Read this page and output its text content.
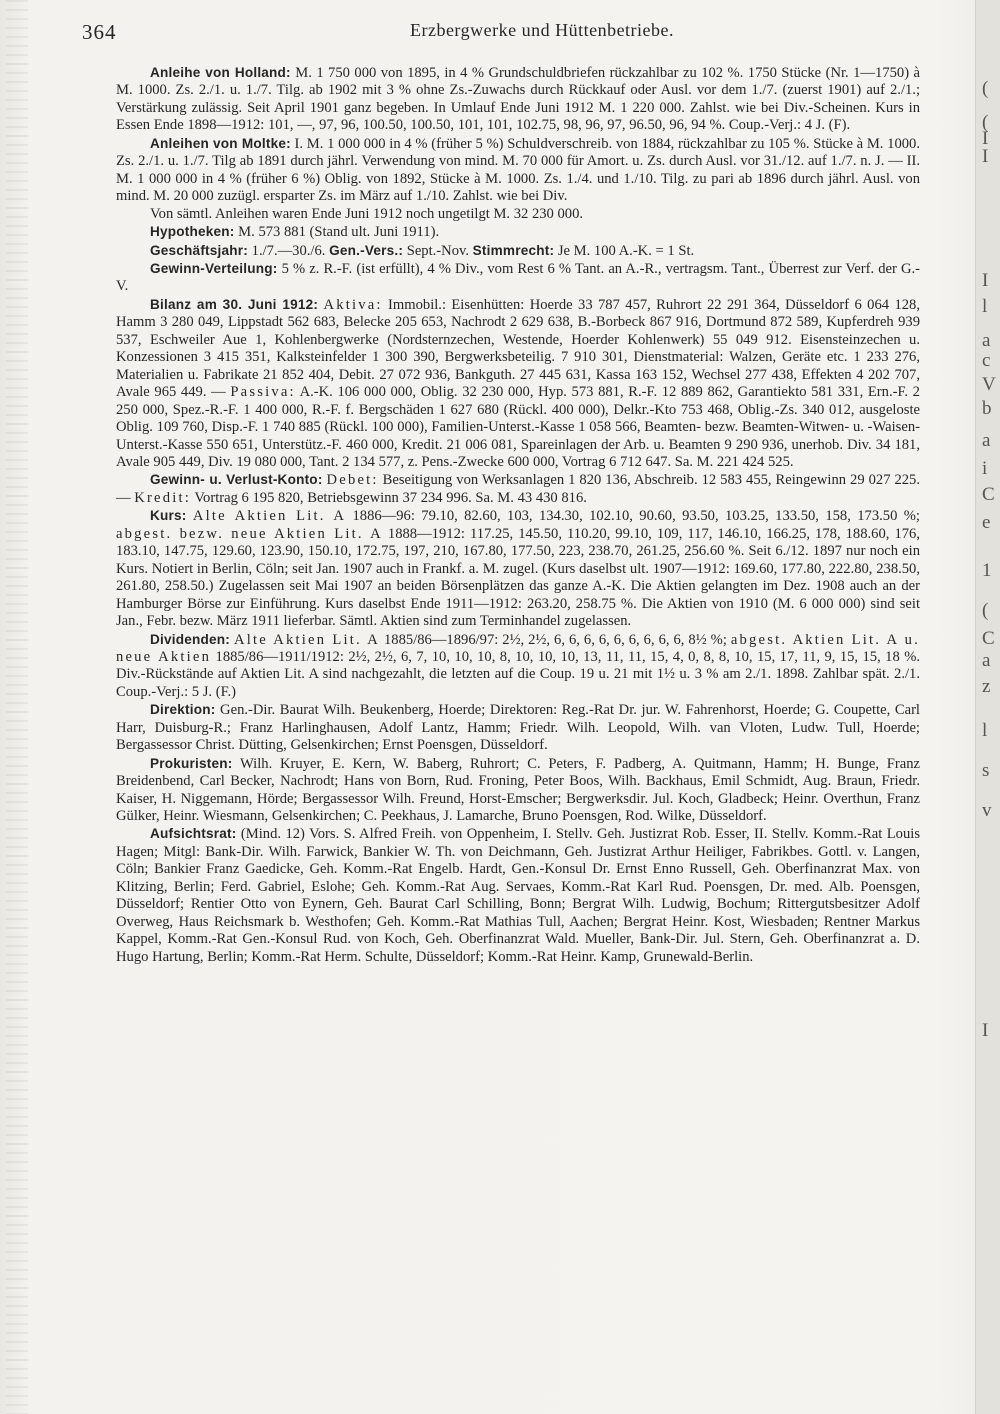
(
(
I
I
I
l
a
c
V
b
a
i
C
e
1
(
C
a
z
l
s
v
I
364	Erzbergwerke und Hüttenbetriebe.

Anleihe von Holland: M. 1 750 000 von 1895, in 4 % Grundschuldbriefen rückzahlbar zu 102 %. 1750 Stücke (Nr. 1—1750) à M. 1000. Zs. 2./1. u. 1./7. Tilg. ab 1902 mit 3 % ohne Zs.-Zuwachs durch Rückkauf oder Ausl. vor dem 1./7. (zuerst 1901) auf 2./1.; Verstärkung zulässig. Seit April 1901 ganz begeben. In Umlauf Ende Juni 1912 M. 1 220 000. Zahlst. wie bei Div.-Scheinen. Kurs in Essen Ende 1898—1912: 101, —, 97, 96, 100.50, 100.50, 101, 101, 102.75, 98, 96, 97, 96.50, 96, 94 %. Coup.-Verj.: 4 J. (F).

Anleihen von Moltke: I. M. 1 000 000 in 4 % (früher 5 %) Schuldverschreib. von 1884, rückzahlbar zu 105 %. Stücke à M. 1000. Zs. 2./1. u. 1./7. Tilg ab 1891 durch jährl. Verwendung von mind. M. 70 000 für Amort. u. Zs. durch Ausl. vor 31./12. auf 1./7. n. J. — II. M. 1 000 000 in 4 % (früher 6 %) Oblig. von 1892, Stücke à M. 1000. Zs. 1./4. und 1./10. Tilg. zu pari ab 1896 durch jährl. Ausl. von mind. M. 20 000 zuzügl. ersparter Zs. im März auf 1./10. Zahlst. wie bei Div.

Von sämtl. Anleihen waren Ende Juni 1912 noch ungetilgt M. 32 230 000.

Hypotheken: M. 573 881 (Stand ult. Juni 1911).

Geschäftsjahr: 1./7.—30./6. Gen.-Vers.: Sept.-Nov. Stimmrecht: Je M. 100 A.-K. = 1 St.

Gewinn-Verteilung: 5 % z. R.-F. (ist erfüllt), 4 % Div., vom Rest 6 % Tant. an A.-R., vertragsm. Tant., Überrest zur Verf. der G.-V.

Bilanz am 30. Juni 1912: Aktiva: Immobil.: Eisenhütten: Hoerde 33 787 457, Ruhrort 22 291 364, Düsseldorf 6 064 128, Hamm 3 280 049, Lippstadt 562 683, Belecke 205 653, Nachrodt 2 629 638, B.-Borbeck 867 916, Dortmund 872 589, Kupferdreh 939 537, Eschweiler Aue 1, Kohlenbergwerke (Nordsternzechen, Westende, Hoerder Kohlenwerk) 55 049 912. Eisensteinzechen u. Konzessionen 3 415 351, Kalksteinfelder 1 300 390, Bergwerksbeteilig. 7 910 301, Dienstmaterial: Walzen, Geräte etc. 1 233 276, Materialien u. Fabrikate 21 852 404, Debit. 27 072 936, Bankguth. 27 445 631, Kassa 163 152, Wechsel 277 438, Effekten 4 202 707, Avale 965 449. — Passiva: A.-K. 106 000 000, Oblig. 32 230 000, Hyp. 573 881, R.-F. 12 889 862, Garantiekto 581 331, Ern.-F. 2 250 000, Spez.-R.-F. 1 400 000, R.-F. f. Bergschäden 1 627 680 (Rückl. 400 000), Delkr.-Kto 753 468, Oblig.-Zs. 340 012, ausgeloste Oblig. 109 760, Disp.-F. 1 740 885 (Rückl. 100 000), Familien-Unterst.-Kasse 1 058 566, Beamten- bezw. Beamten-Witwen- u. -Waisen-Unterst.-Kasse 550 651, Unterstütz.-F. 460 000, Kredit. 21 006 081, Spareinlagen der Arb. u. Beamten 9 290 936, unerhob. Div. 34 181, Avale 905 449, Div. 19 080 000, Tant. 2 134 577, z. Pens.-Zwecke 600 000, Vortrag 6 712 647. Sa. M. 221 424 525.

Gewinn- u. Verlust-Konto: Debet: Beseitigung von Werksanlagen 1 820 136, Abschreib. 12 583 455, Reingewinn 29 027 225. — Kredit: Vortrag 6 195 820, Betriebsgewinn 37 234 996. Sa. M. 43 430 816.

Kurs: Alte Aktien Lit. A 1886—96: 79.10, 82.60, 103, 134.30, 102.10, 90.60, 93.50, 103.25, 133.50, 158, 173.50 %; abgest. bezw. neue Aktien Lit. A 1888—1912: 117.25, 145.50, 110.20, 99.10, 109, 117, 146.10, 166.25, 178, 188.60, 176, 183.10, 147.75, 129.60, 123.90, 150.10, 172.75, 197, 210, 167.80, 177.50, 223, 238.70, 261.25, 256.60 %. Seit 6./12. 1897 nur noch ein Kurs. Notiert in Berlin, Cöln; seit Jan. 1907 auch in Frankf. a. M. zugel. (Kurs daselbst ult. 1907—1912: 169.60, 177.80, 222.80, 238.50, 261.80, 258.50.) Zugelassen seit Mai 1907 an beiden Börsenplätzen das ganze A.-K. Die Aktien gelangten im Dez. 1908 auch an der Hamburger Börse zur Einführung. Kurs daselbst Ende 1911—1912: 263.20, 258.75 %. Die Aktien von 1910 (M. 6 000 000) sind seit Jan., Febr. bezw. März 1911 lieferbar. Sämtl. Aktien sind zum Terminhandel zugelassen.

Dividenden: Alte Aktien Lit. A 1885/86—1896/97: 2½, 2½, 6, 6, 6, 6, 6, 6, 6, 6, 6, 8½ %; abgest. Aktien Lit. A u. neue Aktien 1885/86—1911/1912: 2½, 2½, 6, 7, 10, 10, 10, 8, 10, 10, 10, 13, 11, 11, 15, 4, 0, 8, 8, 10, 15, 17, 11, 9, 15, 15, 18 %. Div.-Rückstände auf Aktien Lit. A sind nachgezahlt, die letzten auf die Coup. 19 u. 21 mit 1½ u. 3 % am 2./1. 1898. Zahlbar spät. 2./1. Coup.-Verj.: 5 J. (F.)

Direktion: Gen.-Dir. Baurat Wilh. Beukenberg, Hoerde; Direktoren: Reg.-Rat Dr. jur. W. Fahrenhorst, Hoerde; G. Coupette, Carl Harr, Duisburg-R.; Franz Harlinghausen, Adolf Lantz, Hamm; Friedr. Wilh. Leopold, Wilh. van Vloten, Ludw. Tull, Hoerde; Bergassessor Christ. Dütting, Gelsenkirchen; Ernst Poensgen, Düsseldorf.

Prokuristen: Wilh. Kruyer, E. Kern, W. Baberg, Ruhrort; C. Peters, F. Padberg, A. Quitmann, Hamm; H. Bunge, Franz Breidenbend, Carl Becker, Nachrodt; Hans von Born, Rud. Froning, Peter Boos, Wilh. Backhaus, Emil Schmidt, Aug. Braun, Friedr. Kaiser, H. Niggemann, Hörde; Bergassessor Wilh. Freund, Horst-Emscher; Bergwerksdir. Jul. Koch, Gladbeck; Heinr. Overthun, Franz Gülker, Heinr. Wiesmann, Gelsenkirchen; C. Peekhaus, J. Lamarche, Bruno Poensgen, Rod. Wilke, Düsseldorf.

Aufsichtsrat: (Mind. 12) Vors. S. Alfred Freih. von Oppenheim, I. Stellv. Geh. Justizrat Rob. Esser, II. Stellv. Komm.-Rat Louis Hagen; Mitgl: Bank-Dir. Wilh. Farwick, Bankier W. Th. von Deichmann, Geh. Justizrat Arthur Heiliger, Fabrikbes. Gottl. v. Langen, Cöln; Bankier Franz Gaedicke, Geh. Komm.-Rat Engelb. Hardt, Gen.-Konsul Dr. Ernst Enno Russell, Geh. Oberfinanzrat Max. von Klitzing, Berlin; Ferd. Gabriel, Eslohe; Geh. Komm.-Rat Aug. Servaes, Komm.-Rat Karl Rud. Poensgen, Dr. med. Alb. Poensgen, Düsseldorf; Rentier Otto von Eynern, Geh. Baurat Carl Schilling, Bonn; Bergrat Wilh. Ludwig, Bochum; Rittergutsbesitzer Adolf Overweg, Haus Reichsmark b. Westhofen; Geh. Komm.-Rat Mathias Tull, Aachen; Bergrat Heinr. Kost, Wiesbaden; Rentner Markus Kappel, Komm.-Rat Gen.-Konsul Rud. von Koch, Geh. Oberfinanzrat Wald. Mueller, Bank-Dir. Jul. Stern, Geh. Oberfinanzrat a. D. Hugo Hartung, Berlin; Komm.-Rat Herm. Schulte, Düsseldorf; Komm.-Rat Heinr. Kamp, Grunewald-Berlin.
